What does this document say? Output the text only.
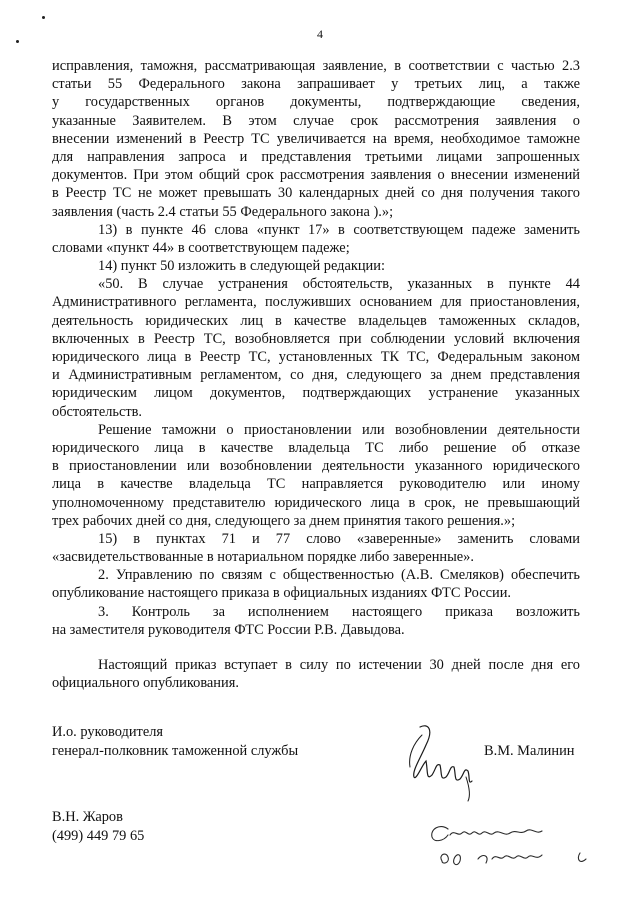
4
исправления, таможня, рассматривающая заявление, в соответствии с частью 2.3
статьи 55 Федерального закона запрашивает у третьих лиц, а также
у государственных органов документы, подтверждающие сведения,
указанные Заявителем. В этом случае срок рассмотрения заявления о
внесении изменений в Реестр ТС увеличивается на время, необходимое таможне
для направления запроса и представления третьими лицами запрошенных
документов. При этом общий срок рассмотрения заявления о внесении изменений
в Реестр ТС не может превышать 30 календарных дней со дня получения такого
заявления (часть 2.4 статьи 55 Федерального закона ).»;
13) в пункте 46 слова «пункт 17» в соответствующем падеже заменить
словами «пункт 44» в соответствующем падеже;
14) пункт 50 изложить в следующей редакции:
«50. В случае устранения обстоятельств, указанных в пункте 44
Административного регламента, послуживших основанием для приостановления,
деятельность юридических лиц в качестве владельцев таможенных складов,
включенных в Реестр ТС, возобновляется при соблюдении условий включения
юридического лица в Реестр ТС, установленных ТК ТС, Федеральным законом
и Административным регламентом, со дня, следующего за днем представления
юридическим лицом документов, подтверждающих устранение указанных
обстоятельств.
Решение таможни о приостановлении или возобновлении деятельности
юридического лица в качестве владельца ТС либо решение об отказе
в приостановлении или возобновлении деятельности указанного юридического
лица в качестве владельца ТС направляется руководителю или иному
уполномоченному представителю юридического лица в срок, не превышающий
трех рабочих дней со дня, следующего за днем принятия такого решения.»;
15) в пунктах 71 и 77 слово «заверенные» заменить словами
«засвидетельствованные в нотариальном порядке либо заверенные».
2. Управлению по связям с общественностью (А.В. Смеляков) обеспечить
опубликование настоящего приказа в официальных изданиях ФТС России.
3. Контроль за исполнением настоящего приказа возложить
на заместителя руководителя ФТС России Р.В. Давыдова.
Настоящий приказ вступает в силу по истечении 30 дней после дня его
официального опубликования.
И.о. руководителя
генерал-полковник таможенной службы	В.М. Малинин
В.Н. Жаров
(499) 449 79 65
